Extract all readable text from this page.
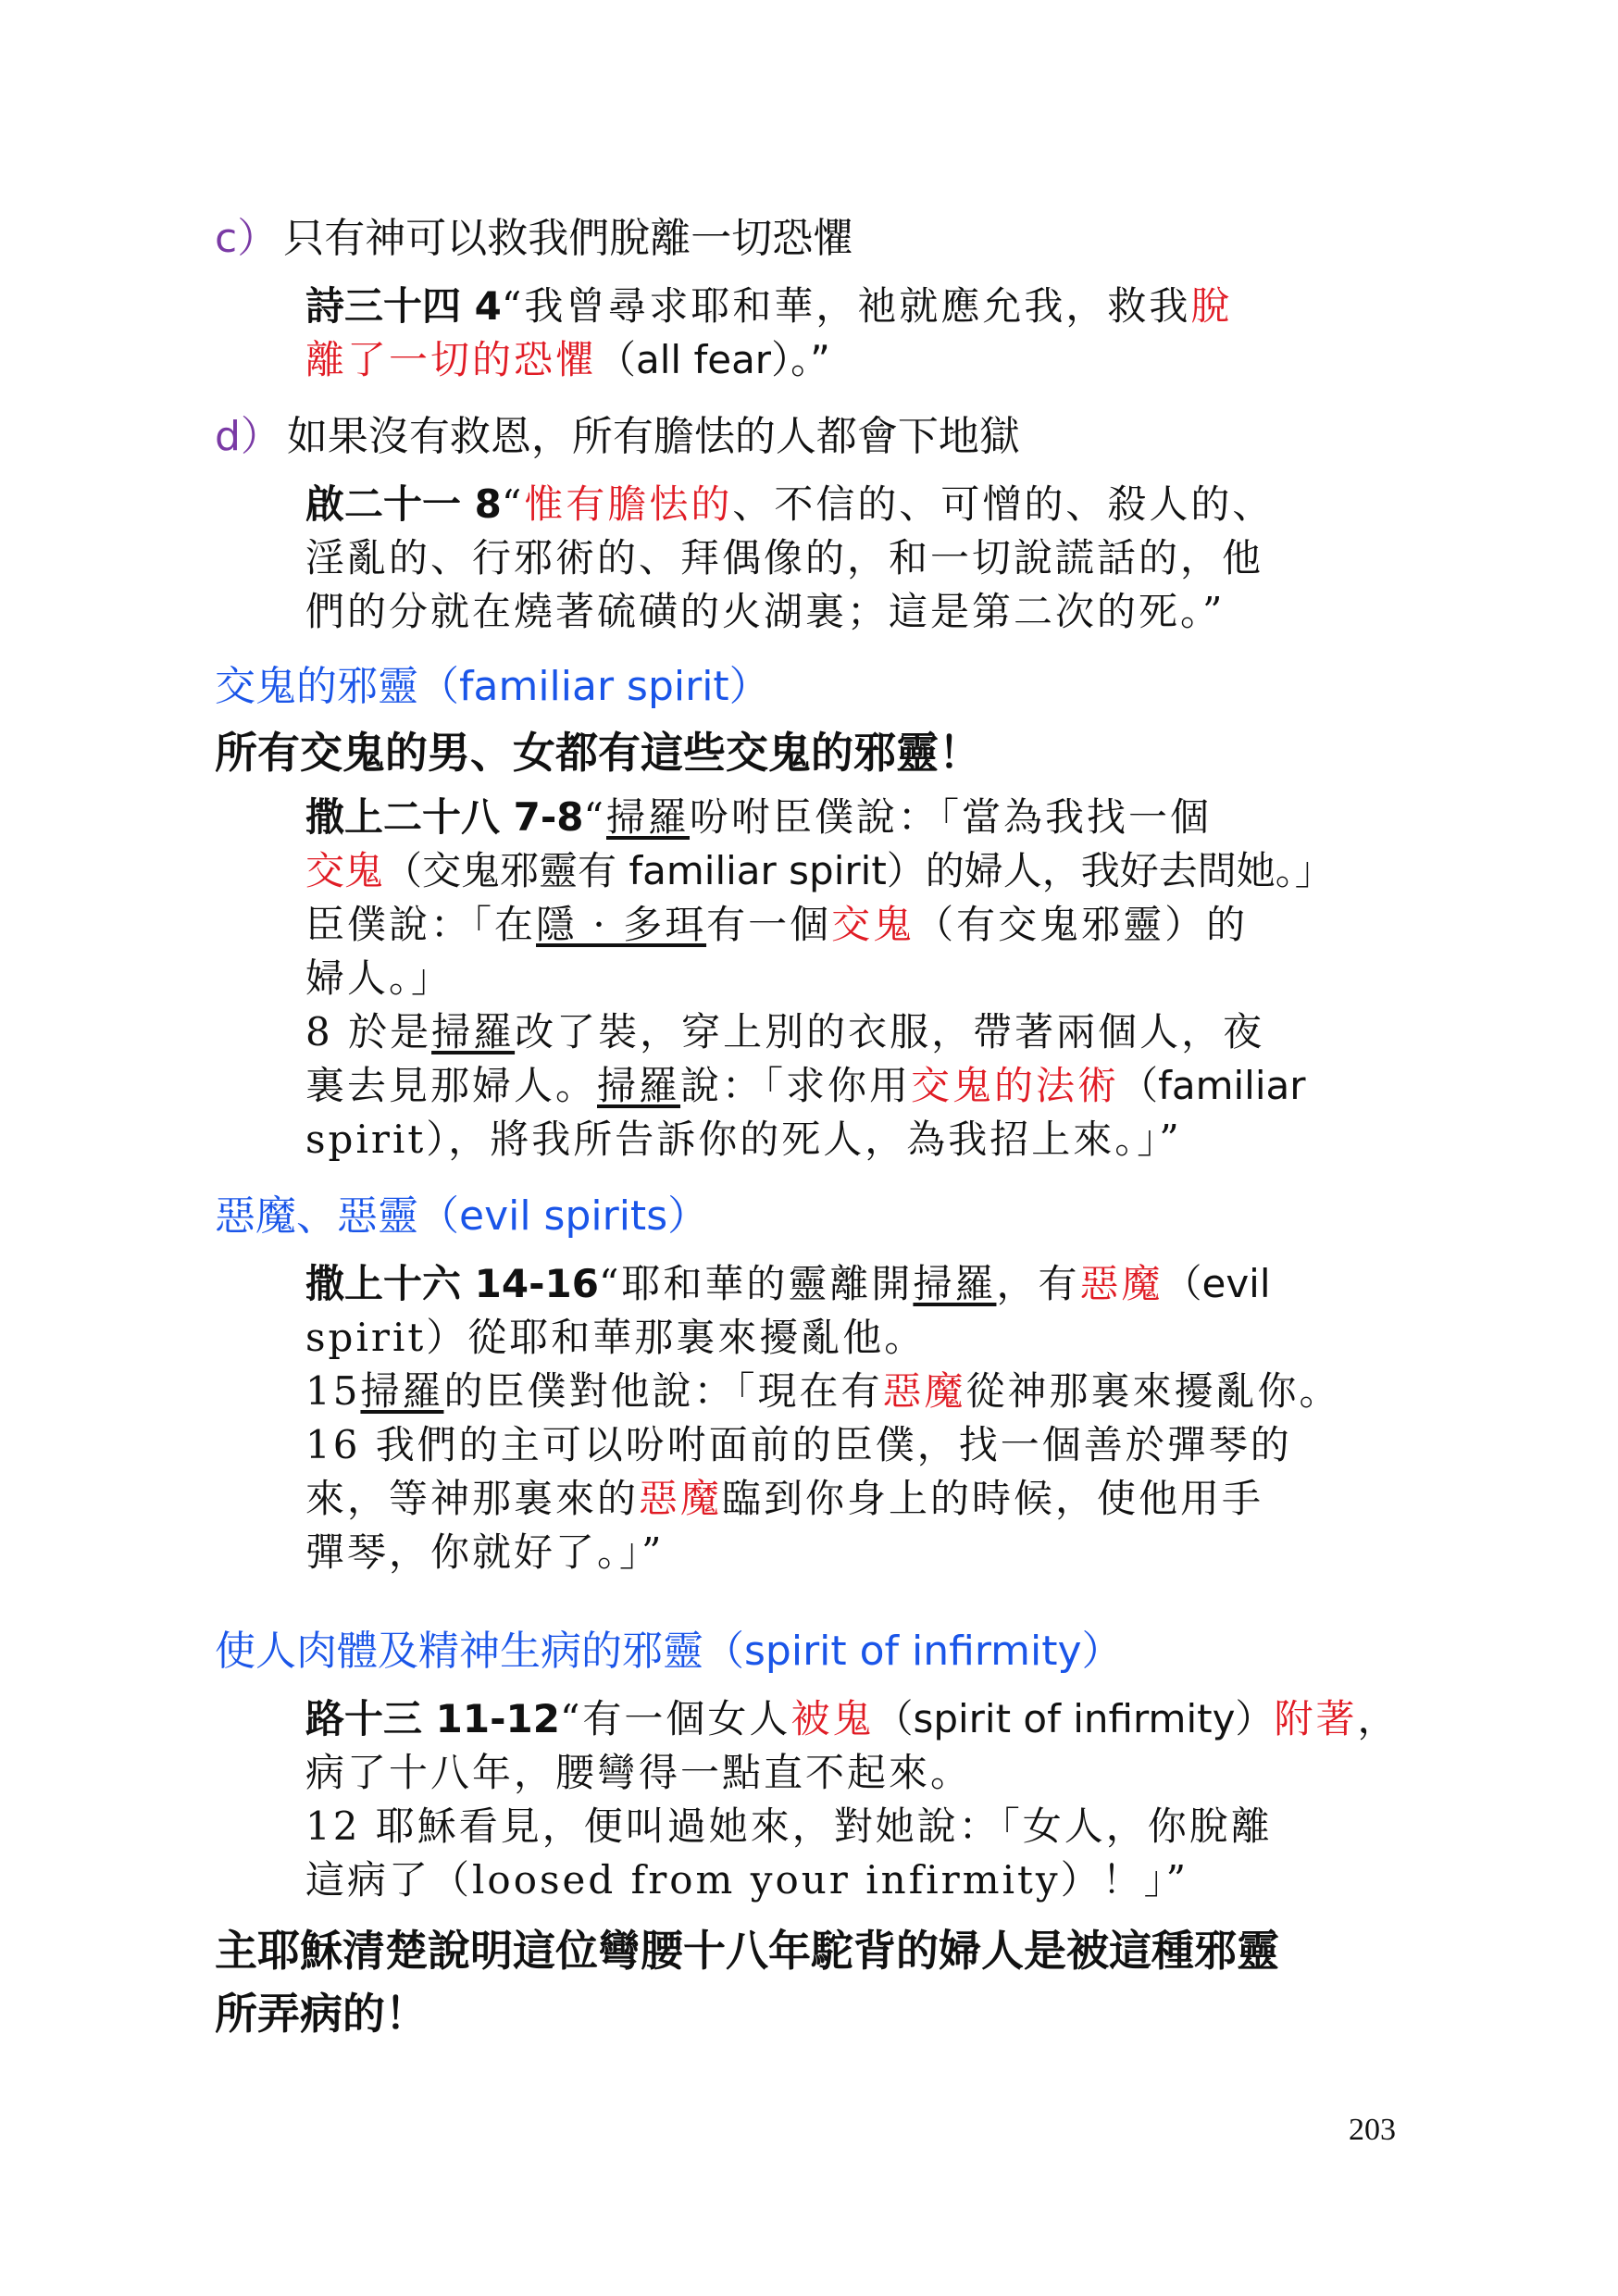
c） 只有神可以救我們脫離一切恐懼
詩三十四 4“我曾尋求耶和華，祂就應允我，救我脫
離了一切的恐懼（all fear）。”
d） 如果沒有救恩，所有膽怯的人都會下地獄
啟二十一 8“惟有膽怯的、不信的、可憎的、殺人的、
淫亂的、行邪術的、拜偶像的，和一切說謊話的，他
們的分就在燒著硫磺的火湖裏；這是第二次的死。”
交鬼的邪靈（familiar spirit）
所有交鬼的男、女都有這些交鬼的邪靈！
撒上二十八 7-8“掃羅吩咐臣僕說：「當為我找一個
交鬼（交鬼邪靈有 familiar spirit）的婦人，我好去問她。」
臣僕說：「在隱 · 多珥有一個交鬼（有交鬼邪靈）的
婦人。」
8 於是掃羅改了裝，穿上別的衣服，帶著兩個人，夜
裏去見那婦人。掃羅說：「求你用交鬼的法術（familiar
spirit），將我所告訴你的死人，為我招上來。」”
惡魔、惡靈（evil spirits）
撒上十六 14-16“耶和華的靈離開掃羅，有惡魔（evil
spirit）從耶和華那裏來擾亂他。
15掃羅的臣僕對他說：「現在有惡魔從神那裏來擾亂你。
16 我們的主可以吩咐面前的臣僕，找一個善於彈琴的
來，等神那裏來的惡魔臨到你身上的時候，使他用手
彈琴，你就好了。」”
使人肉體及精神生病的邪靈（spirit of infirmity）
路十三 11-12“有一個女人被鬼（spirit of infirmity）附著，
病了十八年，腰彎得一點直不起來。
12 耶穌看見，便叫過她來，對她說：「女人，你脫離
這病了（loosed from your infirmity）！」”
主耶穌清楚說明這位彎腰十八年駝背的婦人是被這種邪靈
所弄病的！
203
